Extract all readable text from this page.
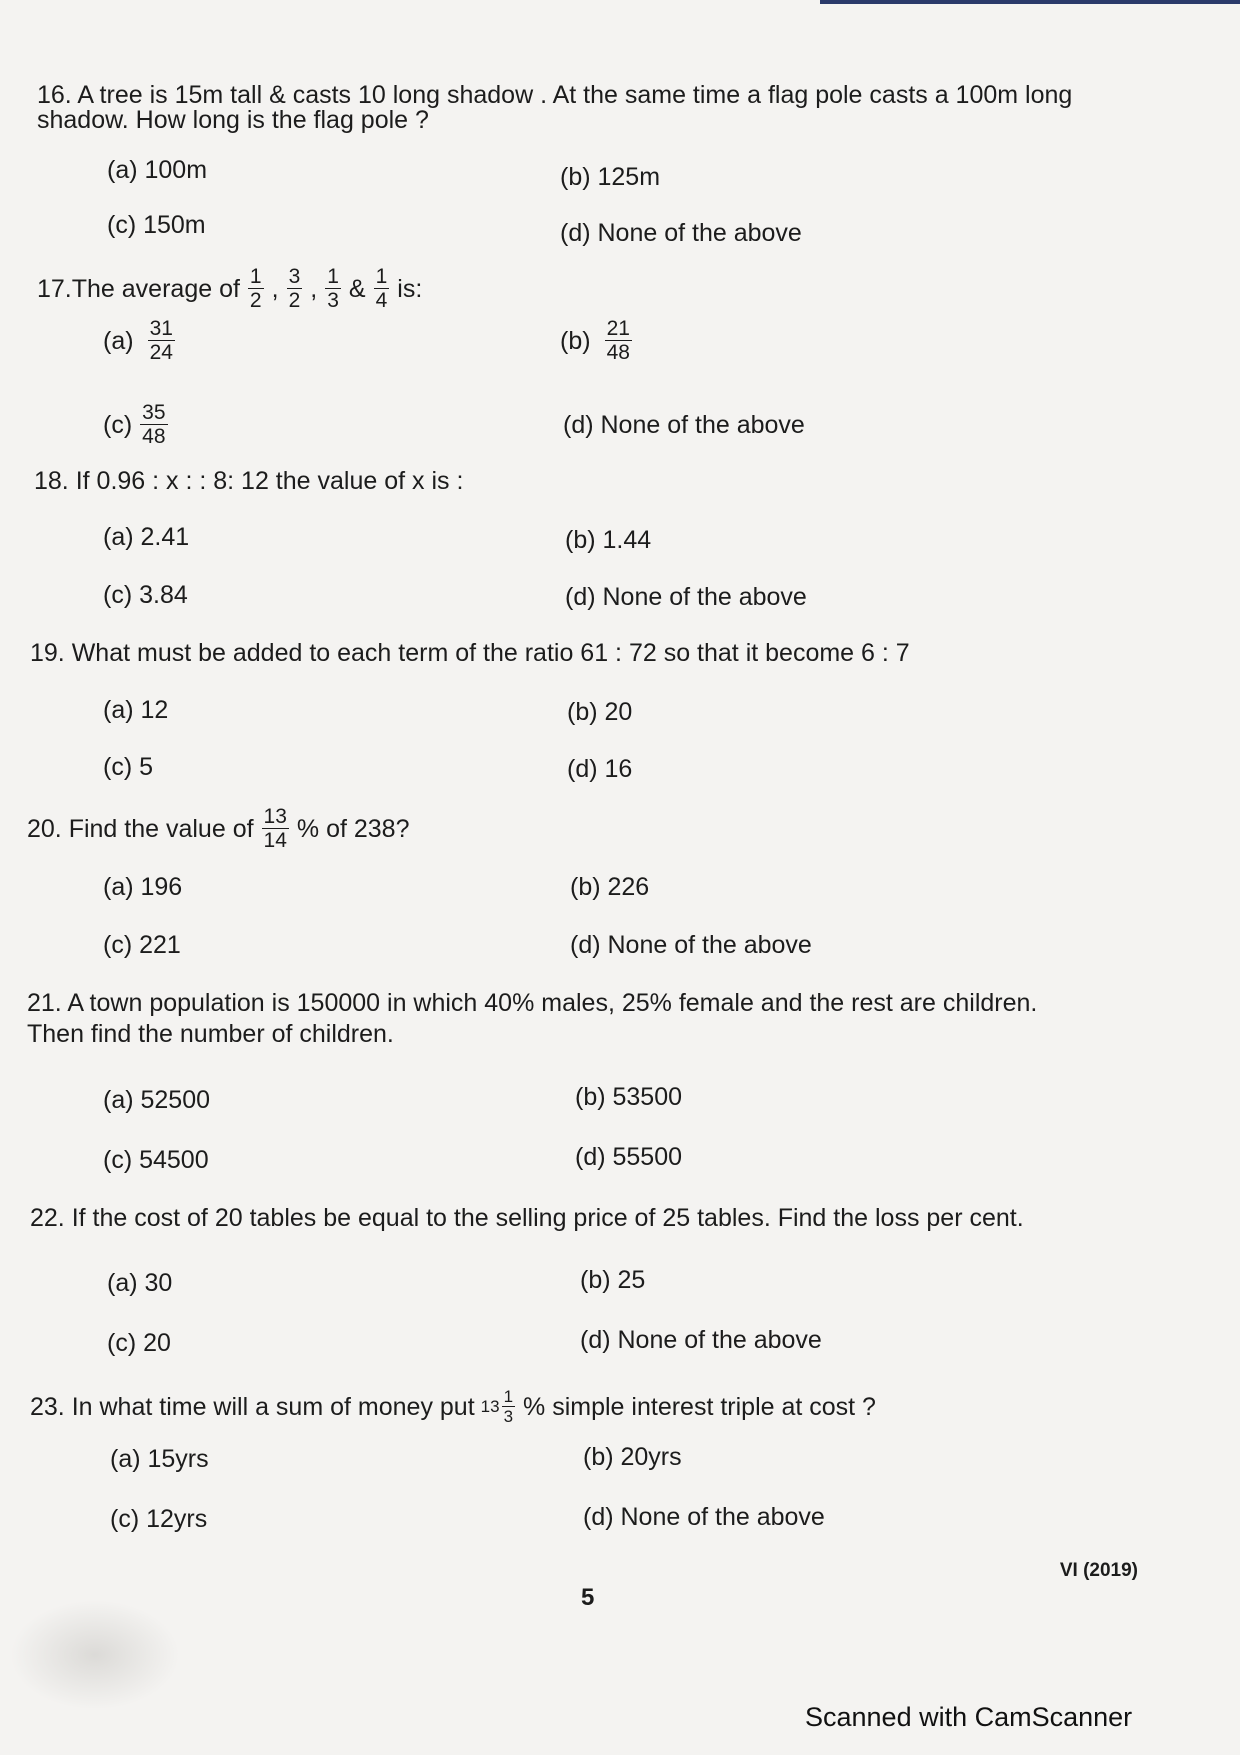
16. A tree is 15m tall & casts 10 long shadow . At the same time a flag pole casts a 100m long
shadow. How long is the flag pole ?
(a) 100m	(b) 125m
(c) 150m	(d) None of the above
17.The average of $\frac{1}{2}$ , $\frac{3}{2}$ , $\frac{1}{3}$ & $\frac{1}{4}$ is:
$(a) \frac{31}{24}$	$(b) \frac{21}{48}$
$(c) \frac{35}{48}$	(d) None of the above
18. If 0.96 : x : : 8: 12 the value of x is :
(a) 2.41	(b) 1.44
(c) 3.84	(d) None of the above
19. What must be added to each term of the ratio 61 : 72 so that it become 6 : 7
(a) 12	(b) 20
(c) 5	(d) 16
20. Find the value of $\frac{13}{14}$ % of 238?
(a) 196	(b) 226
(c) 221	(d) None of the above
21. A town population is 150000 in which 40% males, 25% female and the rest are children.
Then find the number of children.
(a) 52500	(b) 53500
(c) 54500	(d) 55500
22. If the cost of 20 tables be equal to the selling price of 25 tables. Find the loss per cent.
(a) 30	(b) 25
(c) 20	(d) None of the above
23. In what time will a sum of money put $13 \frac{1}{3}$ % simple interest triple at cost ?
(a) 15yrs	(b) 20yrs
(c) 12yrs	(d) None of the above
5
VI (2019)
Scanned with CamScanner
